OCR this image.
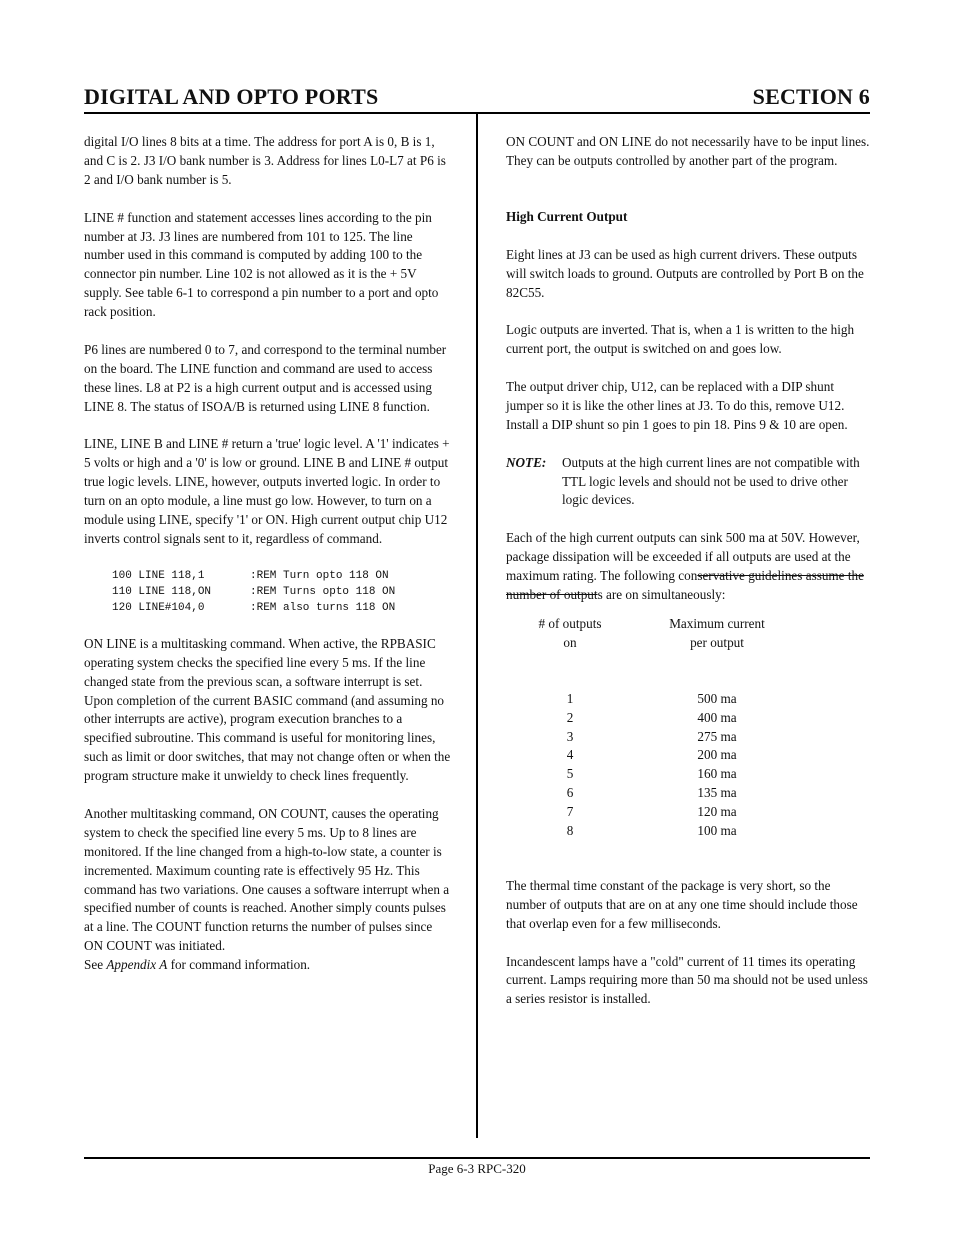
DIGITAL AND OPTO PORTS	SECTION 6

digital I/O lines 8 bits at a time. The address for port A is 0, B is 1, and C is 2. J3 I/O bank number is 3. Address for lines L0-L7 at P6 is 2 and I/O bank number is 5.

LINE # function and statement accesses lines according to the pin number at J3. J3 lines are numbered from 101 to 125. The line number used in this command is computed by adding 100 to the connector pin number. Line 102 is not allowed as it is the + 5V supply. See table 6-1 to correspond a pin number to a port and opto rack position.

P6 lines are numbered 0 to 7, and correspond to the terminal number on the board. The LINE function and command are used to access these lines. L8 at P2 is a high current output and is accessed using LINE 8. The status of ISOA/B is returned using LINE 8 function.

LINE, LINE B and LINE # return a 'true' logic level. A '1' indicates + 5 volts or high and a '0' is low or ground. LINE B and LINE # output true logic levels. LINE, however, outputs inverted logic. In order to turn on an opto module, a line must go low. However, to turn on a module using LINE, specify '1' or ON. High current output chip U12 inverts control signals sent to it, regardless of command.

100 LINE 118,1	:REM Turn opto 118 ON
110 LINE 118,ON	:REM Turns opto 118 ON
120 LINE#104,0	:REM also turns 118 ON

ON LINE is a multitasking command. When active, the RPBASIC operating system checks the specified line every 5 ms. If the line changed state from the previous scan, a software interrupt is set. Upon completion of the current BASIC command (and assuming no other interrupts are active), program execution branches to a specified subroutine. This command is useful for monitoring lines, such as limit or door switches, that may not change often or when the program structure make it unwieldy to check lines frequently.

Another multitasking command, ON COUNT, causes the operating system to check the specified line every 5 ms. Up to 8 lines are monitored. If the line changed from a high-to-low state, a counter is incremented. Maximum counting rate is effectively 95 Hz. This command has two variations. One causes a software interrupt when a specified number of counts is reached. Another simply counts pulses at a line. The COUNT function returns the number of pulses since ON COUNT was initiated.
See Appendix A for command information.

ON COUNT and ON LINE do not necessarily have to be input lines. They can be outputs controlled by another part of the program.

High Current Output

Eight lines at J3 can be used as high current drivers. These outputs will switch loads to ground. Outputs are controlled by Port B on the 82C55.

Logic outputs are inverted. That is, when a 1 is written to the high current port, the output is switched on and goes low.

The output driver chip, U12, can be replaced with a DIP shunt jumper so it is like the other lines at J3. To do this, remove U12. Install a DIP shunt so pin 1 goes to pin 18. Pins 9 & 10 are open.

NOTE:	Outputs at the high current lines are not compatible with TTL logic levels and should not be used to drive other logic devices.

Each of the high current outputs can sink 500 ma at 50V. However, package dissipation will be exceeded if all outputs are used at the maximum rating. The following conservative guidelines assume the number of outputs are on simultaneously:

# of outputs
on
Maximum current
per output
1	500 ma
2	400 ma
3	275 ma
4	200 ma
5	160 ma
6	135 ma
7	120 ma
8	100 ma

The thermal time constant of the package is very short, so the number of outputs that are on at any one time should include those that overlap even for a few milliseconds.

Incandescent lamps have a "cold" current of 11 times its operating current. Lamps requiring more than 50 ma should not be used unless a series resistor is installed.

Page 6-3 RPC-320
